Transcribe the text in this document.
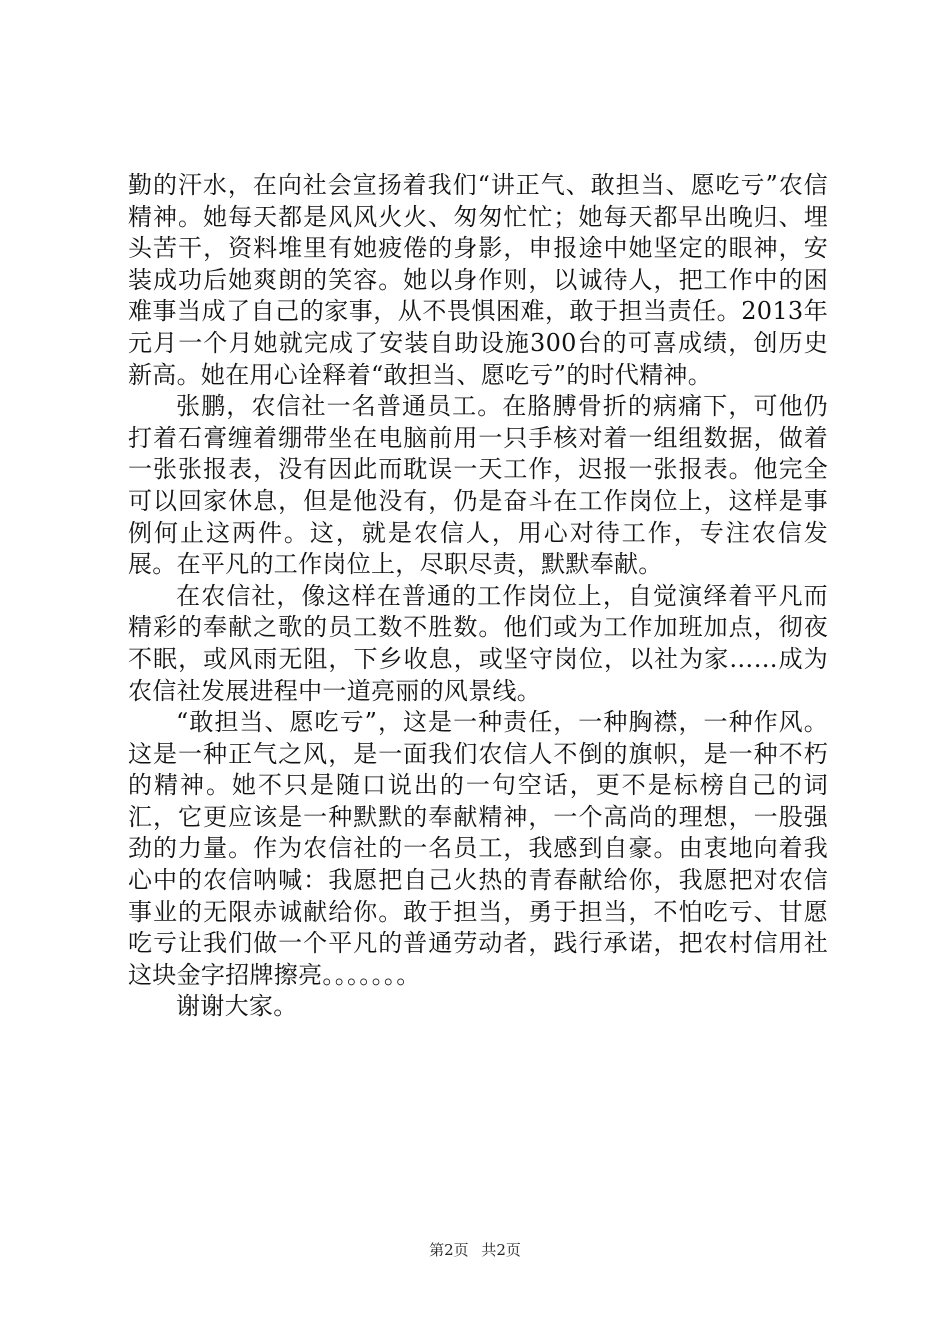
勤的汗水，在向社会宣扬着我们“讲正气、敢担当、愿吃亏”农信精神。她每天都是风风火火、匆匆忙忙；她每天都早出晚归、埋头苦干，资料堆里有她疲倦的身影，申报途中她坚定的眼神，安装成功后她爽朗的笑容。她以身作则，以诚待人，把工作中的困难事当成了自己的家事，从不畏惧困难，敢于担当责任。2013年元月一个月她就完成了安装自助设施300台的可喜成绩，创历史新高。她在用心诠释着“敢担当、愿吃亏”的时代精神。

张鹏，农信社一名普通员工。在胳膊骨折的病痛下，可他仍打着石膏缠着绷带坐在电脑前用一只手核对着一组组数据，做着一张张报表，没有因此而耽误一天工作，迟报一张报表。他完全可以回家休息，但是他没有，仍是奋斗在工作岗位上，这样是事例何止这两件。这，就是农信人，用心对待工作，专注农信发展。在平凡的工作岗位上，尽职尽责，默默奉献。

在农信社，像这样在普通的工作岗位上，自觉演绎着平凡而精彩的奉献之歌的员工数不胜数。他们或为工作加班加点，彻夜不眠，或风雨无阻，下乡收息，或坚守岗位，以社为家……成为农信社发展进程中一道亮丽的风景线。

“敢担当、愿吃亏”，这是一种责任，一种胸襟，一种作风。这是一种正气之风，是一面我们农信人不倒的旗帜，是一种不朽的精神。她不只是随口说出的一句空话，更不是标榜自己的词汇，它更应该是一种默默的奉献精神，一个高尚的理想，一股强劲的力量。作为农信社的一名员工，我感到自豪。由衷地向着我心中的农信呐喊：我愿把自己火热的青春献给你，我愿把对农信事业的无限赤诚献给你。敢于担当，勇于担当，不怕吃亏、甘愿吃亏让我们做一个平凡的普通劳动者，践行承诺，把农村信用社这块金字招牌擦亮。。。。。。。

谢谢大家。

第2页 共2页
